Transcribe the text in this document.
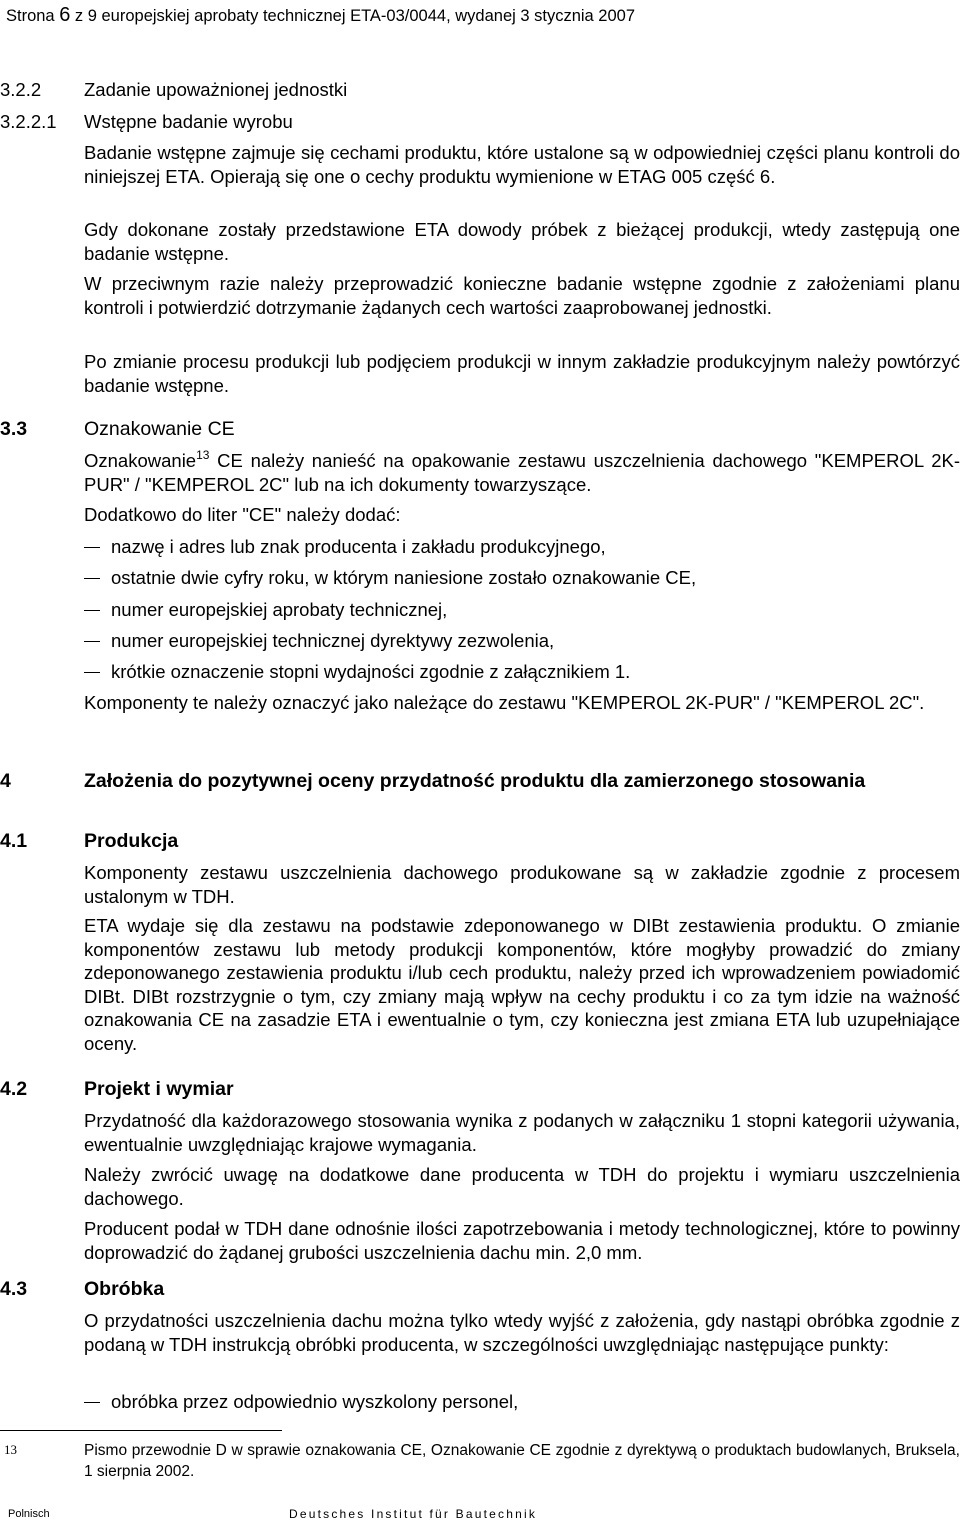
Strona 6 z 9 europejskiej aprobaty technicznej ETA-03/0044, wydanej 3 stycznia 2007
3.2.2 Zadanie upoważnionej jednostki
3.2.2.1 Wstępne badanie wyrobu
Badanie wstępne zajmuje się cechami produktu, które ustalone są w odpowiedniej części planu kontroli do niniejszej ETA. Opierają się one o cechy produktu wymienione w ETAG 005 część 6.
Gdy dokonane zostały przedstawione ETA dowody próbek z bieżącej produkcji, wtedy zastępują one badanie wstępne.
W przeciwnym razie należy przeprowadzić konieczne badanie wstępne zgodnie z założeniami planu kontroli i potwierdzić dotrzymanie żądanych cech wartości zaaprobowanej jednostki.
Po zmianie procesu produkcji lub podjęciem produkcji w innym zakładzie produkcyjnym należy powtórzyć badanie wstępne.
3.3	Oznakowanie CE
Oznakowanie$^{13}$ CE należy nanieść na opakowanie zestawu uszczelnienia dachowego "KEMPEROL 2K-PUR" / "KEMPEROL 2C" lub na ich dokumenty towarzyszące.
Dodatkowo do liter "CE" należy dodać:
nazwę i adres lub znak producenta i zakładu produkcyjnego,
ostatnie dwie cyfry roku, w którym naniesione zostało oznakowanie CE,
numer europejskiej aprobaty technicznej,
numer europejskiej technicznej dyrektywy zezwolenia,
krótkie oznaczenie stopni wydajności zgodnie z załącznikiem 1.
Komponenty te należy oznaczyć jako należące do zestawu "KEMPEROL 2K-PUR" / "KEMPEROL 2C".
4	Założenia do pozytywnej oceny przydatność produktu dla zamierzonego stosowania
4.1	Produkcja
Komponenty zestawu uszczelnienia dachowego produkowane są w zakładzie zgodnie z procesem ustalonym w TDH.
ETA wydaje się dla zestawu na podstawie zdeponowanego w DIBt zestawienia produktu. O zmianie komponentów zestawu lub metody produkcji komponentów, które mogłyby prowadzić do zmiany zdeponowanego zestawienia produktu i/lub cech produktu, należy przed ich wprowadzeniem powiadomić DIBt. DIBt rozstrzygnie o tym, czy zmiany mają wpływ na cechy produktu i co za tym idzie na ważność oznakowania CE na zasadzie ETA i ewentualnie o tym, czy konieczna jest zmiana ETA lub uzupełniające oceny.
4.2	Projekt i wymiar
Przydatność dla każdorazowego stosowania wynika z podanych w załączniku 1 stopni kategorii używania, ewentualnie uwzględniając krajowe wymagania.
Należy zwrócić uwagę na dodatkowe dane producenta w TDH do projektu i wymiaru uszczelnienia dachowego.
Producent podał w TDH dane odnośnie ilości zapotrzebowania i metody technologicznej, które to powinny doprowadzić do żądanej grubości uszczelnienia dachu min. 2,0 mm.
4.3	Obróbka
O przydatności uszczelnienia dachu można tylko wtedy wyjść z założenia, gdy nastąpi obróbka zgodnie z podaną w TDH instrukcją obróbki producenta, w szczególności uwzględniając następujące punkty:
obróbka przez odpowiednio wyszkolony personel,
13	Pismo przewodnie D w sprawie oznakowania CE, Oznakowanie CE zgodnie z dyrektywą o produktach budowlanych, Bruksela, 1 sierpnia 2002.
Polnisch	Deutsches Institut für Bautechnik
